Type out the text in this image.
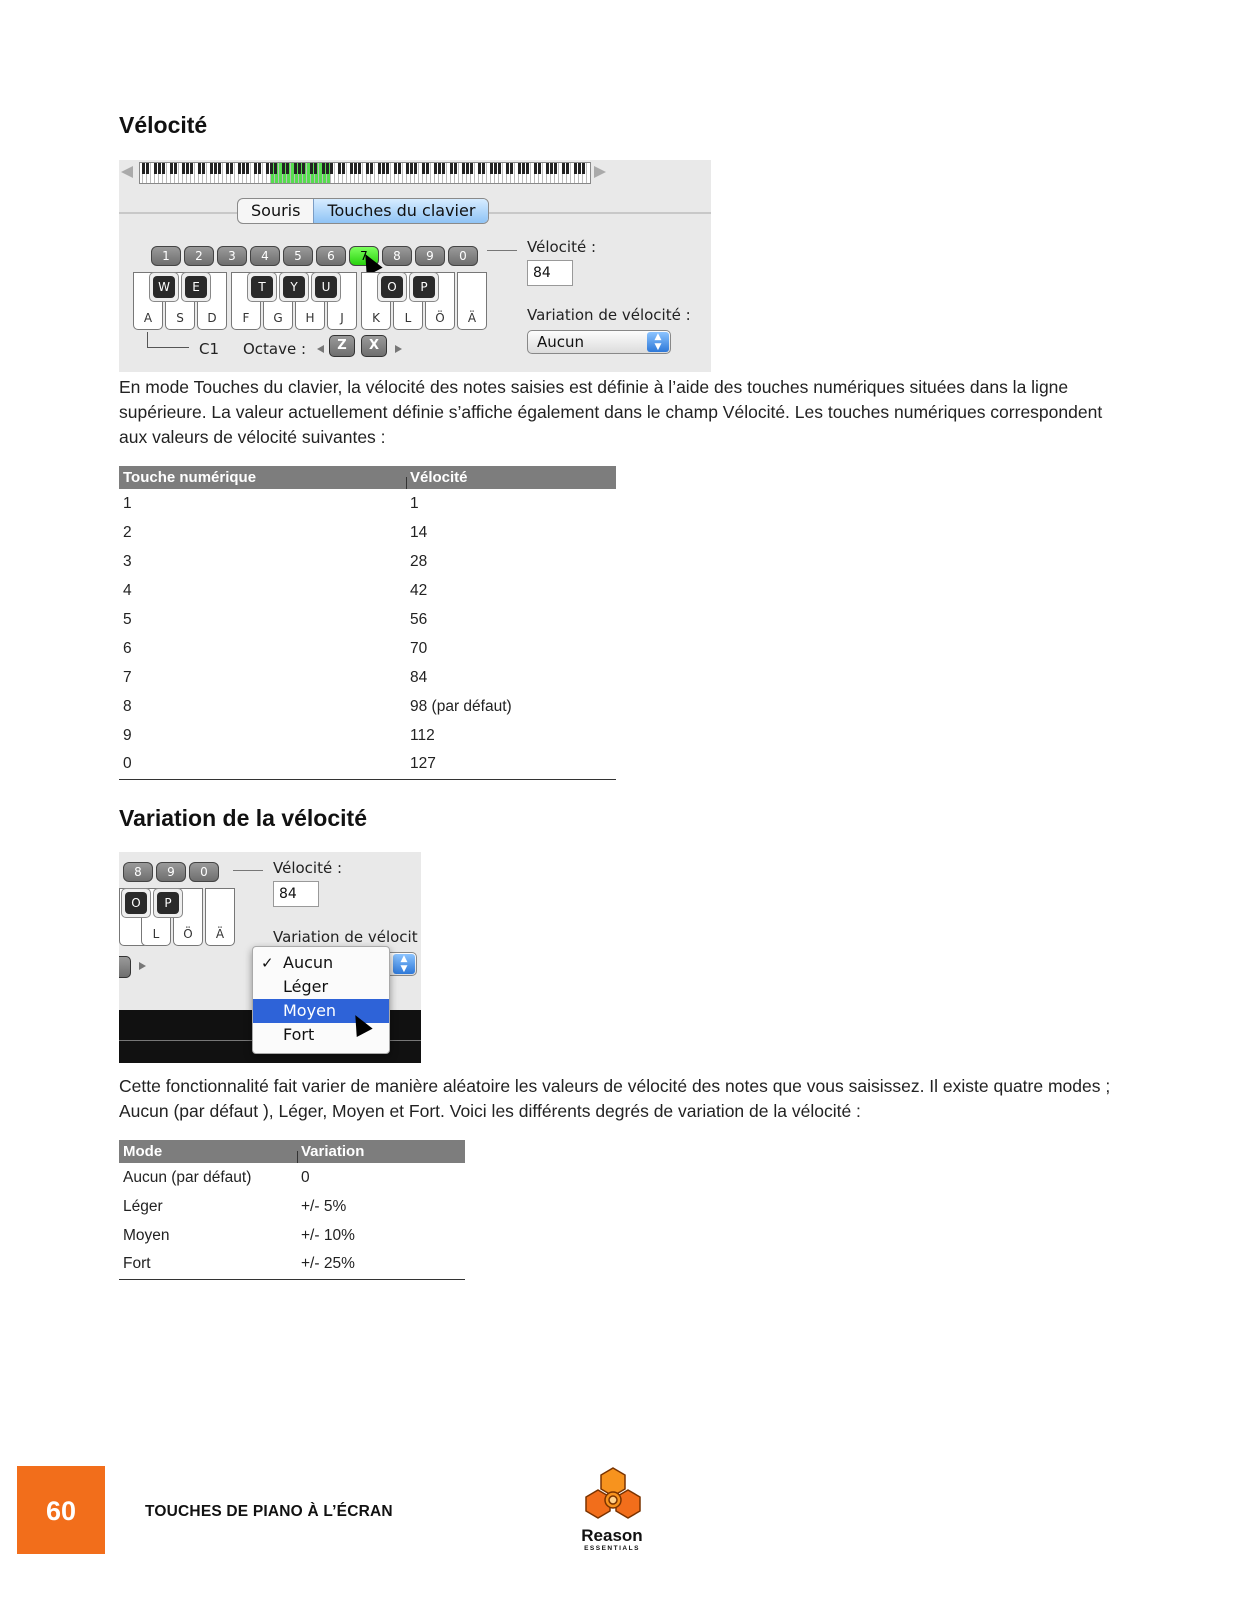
Vélocité
Souris	Touches du clavier
1	2	3	4	5	6	7	8	9	0
A	S	D	F	G	H	J	K	L	Ö	Ä
W	E	T	Y	U	O	P
C1 Octave :	Z	X
Vélocité :
84
Variation de vélocité :
Aucun	▲
▼

En mode Touches du clavier, la vélocité des notes saisies est définie à l’aide des touches numériques situées dans la ligne supérieure. La valeur actuellement définie s’affiche également dans le champ Vélocité. Les touches numériques correspondent aux valeurs de vélocité suivantes :

Touche numérique	Vélocité
1	1
2	14
3	28
4	42
5	56
6	70
7	84
8	98 (par défaut)
9	112
0	127
Variation de la vélocité
8	9	0
L	Ö	Ä
O	P
Vélocité :
84
Variation de vélocit
▲
▼
✓ Aucun
Léger
Moyen
Fort

Cette fonctionnalité fait varier de manière aléatoire les valeurs de vélocité des notes que vous saisissez. Il existe quatre modes ; Aucun (par défaut ), Léger, Moyen et Fort. Voici les différents degrés de variation de la vélocité :

Mode	Variation
Aucun (par défaut)	0
Léger	+/- 5%
Moyen	+/- 10%
Fort	+/- 25%
60	TOUCHES DE PIANO À L’ÉCRAN
Reason
ESSENTIALS
